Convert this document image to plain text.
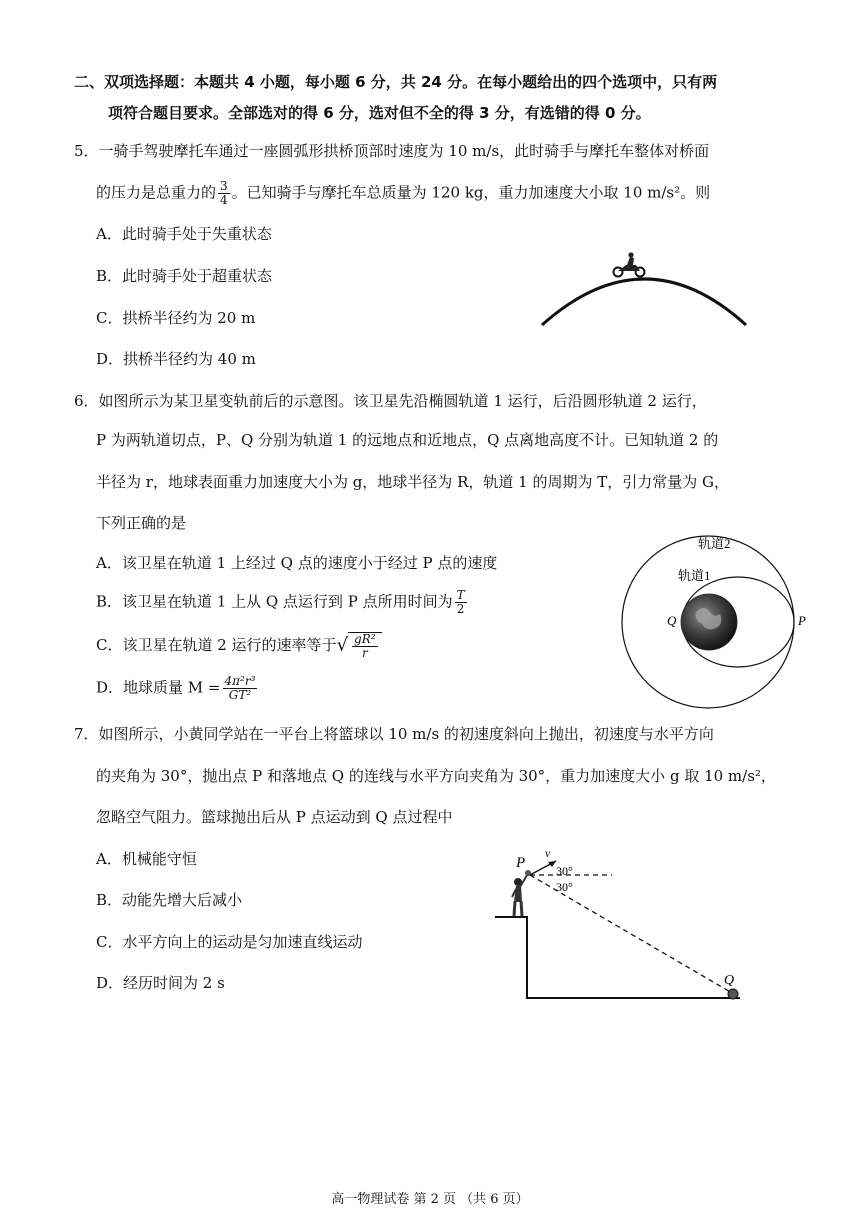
二、双项选择题：本题共 4 小题，每小题 6 分，共 24 分。在每小题给出的四个选项中，只有两
项符合题目要求。全部选对的得 6 分，选对但不全的得 3 分，有选错的得 0 分。
5．一骑手驾驶摩托车通过一座圆弧形拱桥顶部时速度为 10 m/s，此时骑手与摩托车整体对桥面
的压力是总重力的 $\frac{3}{4}$ 。已知骑手与摩托车总质量为 120 kg，重力加速度大小取 10 m/s²。则
A．此时骑手处于失重状态
B．此时骑手处于超重状态
C．拱桥半径约为 20 m
D．拱桥半径约为 40 m
6．如图所示为某卫星变轨前后的示意图。该卫星先沿椭圆轨道 1 运行，后沿圆形轨道 2 运行，
P 为两轨道切点，P、Q 分别为轨道 1 的远地点和近地点，Q 点离地高度不计。已知轨道 2 的
半径为 r，地球表面重力加速度大小为 g，地球半径为 R，轨道 1 的周期为 T，引力常量为 G，
下列正确的是
A．该卫星在轨道 1 上经过 Q 点的速度小于经过 P 点的速度
B．该卫星在轨道 1 上从 Q 点运行到 P 点所用时间为 $\frac{T}{2}$
C．该卫星在轨道 2 运行的速率等于√ $\frac{\text{gR²}}{r}$
D．地球质量 $M = \frac{\text{4π²r³}}{\text{GT²}}$
轨道2
轨道1
Q	P
7．如图所示，小黄同学站在一平台上将篮球以 10 m/s 的初速度斜向上抛出，初速度与水平方向
的夹角为 30°，抛出点 P 和落地点 Q 的连线与水平方向夹角为 30°，重力加速度大小 g 取 10 m/s²，
忽略空气阻力。篮球抛出后从 P 点运动到 Q 点过程中
A．机械能守恒
B．动能先增大后减小
C．水平方向上的运动是匀加速直线运动
D．经历时间为 2 s
P
v
30°
30°
Q
高一物理试卷 第 2 页 （共 6 页）
